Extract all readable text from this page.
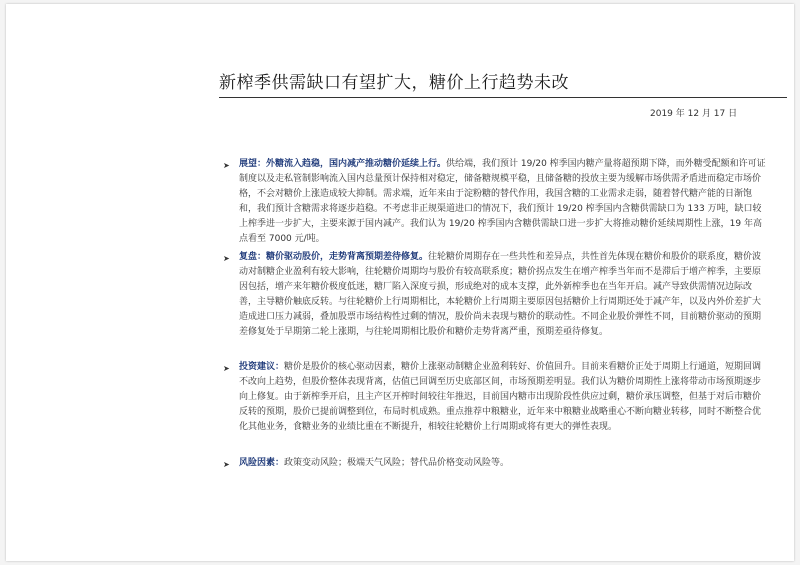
新榨季供需缺口有望扩大，糖价上行趋势未改
2019 年 12 月 17 日
➤ 展望：外糖流入趋稳，国内减产推动糖价延续上行。供给端，我们预计 19/20 榨季国内糖产量将超预期下降，而外糖受配额和许可证制度以及走私管制影响流入国内总量预计保持相对稳定，储备糖规模平稳，且储备糖的投放主要为缓解市场供需矛盾进而稳定市场价格，不会对糖价上涨造成较大抑制。需求端，近年来由于淀粉糖的替代作用，我国含糖的工业需求走弱，随着替代糖产能的日渐饱和，我们预计含糖需求将逐步趋稳。不考虑非正规渠道进口的情况下，我们预计 19/20 榨季国内含糖供需缺口为 133 万吨，缺口较上榨季进一步扩大，主要来源于国内减产。我们认为 19/20 榨季国内含糖供需缺口进一步扩大将推动糖价延续周期性上涨，19 年高点看至 7000 元/吨。
➤ 复盘：糖价驱动股价，走势背离预期差待修复。往轮糖价周期存在一些共性和差异点，共性首先体现在糖价和股价的联系度，糖价波动对制糖企业盈利有较大影响，往轮糖价周期均与股价有较高联系度；糖价拐点发生在增产榨季当年而不是滞后于增产榨季，主要原因包括，增产来年糖价极度低迷，糖厂陷入深度亏损，形成绝对的成本支撑，此外新榨季也在当年开启。减产导致供需情况边际改善，主导糖价触底反转。与往轮糖价上行周期相比，本轮糖价上行周期主要原因包括糖价上行周期还处于减产年，以及内外价差扩大造成进口压力减弱，叠加股票市场结构性过剩的情况，股价尚未表现与糖价的联动性。不同企业股价弹性不同，目前糖价驱动的预期差修复处于早期第二轮上涨期，与往轮周期相比股价和糖价走势背离严重，预期差亟待修复。
➤ 投资建议：糖价是股价的核心驱动因素，糖价上涨驱动制糖企业盈利转好、价值回升。目前来看糖价正处于周期上行通道，短期回调不改向上趋势，但股价整体表现背离，估值已回调至历史底部区间，市场预期差明显。我们认为糖价周期性上涨将带动市场预期逐步向上修复。由于新榨季开启，且主产区开榨时间较往年推迟，目前国内糖市出现阶段性供应过剩，糖价承压调整，但基于对后市糖价反转的预期，股价已提前调整到位，布局时机成熟。重点推荐中粮糖业，近年来中粮糖业战略重心不断向糖业转移，同时不断整合优化其他业务，食糖业务的业绩比重在不断提升，相较往轮糖价上行周期或将有更大的弹性表现。
➤ 风险因素：政策变动风险；极端天气风险；替代品价格变动风险等。
